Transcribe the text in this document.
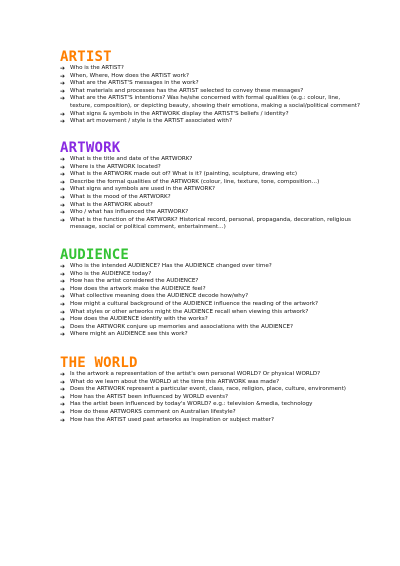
ARTIST
➔ Who is the ARTIST?
➔ When, Where, How does the ARTIST work?
➔ What are the ARTIST'S messages in the work?
➔ What materials and processes has the ARTIST selected to convey these messages?
➔ What are the ARTIST'S intentions? Was he/she concerned with formal qualities (e.g.: colour, line, texture, composition), or depicting beauty, showing their emotions, making a social/political comment?
➔ What signs & symbols in the ARTWORK display the ARTIST'S beliefs / identity?
➔ What art movement / style is the ARTIST associated with?
ARTWORK
➔ What is the title and date of the ARTWORK?
➔ Where is the ARTWORK located?
➔ What is the ARTWORK made out of? What is it? (painting, sculpture, drawing etc)
➔ Describe the formal qualities of the ARTWORK (colour, line, texture, tone, composition…)
➔ What signs and symbols are used in the ARTWORK?
➔ What is the mood of the ARTWORK?
➔ What is the ARTWORK about?
➔ Who / what has influenced the ARTWORK?
➔ What is the function of the ARTWORK? Historical record, personal, propaganda, decoration, religious message, social or political comment, entertainment…)
AUDIENCE
➔ Who is the intended AUDIENCE? Has the AUDIENCE changed over time?
➔ Who is the AUDIENCE today?
➔ How has the artist considered the AUDIENCE?
➔ How does the artwork make the AUDIENCE feel?
➔ What collective meaning does the AUDIENCE decode how/why?
➔ How might a cultural background of the AUDIENCE influence the reading of the artwork?
➔ What styles or other artworks might the AUDIENCE recall when viewing this artwork?
➔ How does the AUDIENCE identify with the works?
➔ Does the ARTWORK conjure up memories and associations with the AUDIENCE?
➔ Where might an AUDIENCE see this work?
THE WORLD
➔ Is the artwork a representation of the artist's own personal WORLD? Or physical WORLD?
➔ What do we learn about the WORLD at the time this ARTWORK was made?
➔ Does the ARTWORK represent a particular event, class, race, religion, place, culture, environment)
➔ How has the ARTIST been influenced by WORLD events?
➔ Has the artist been influenced by today's WORLD? e.g.: television &media, technology
➔ How do these ARTWORKS comment on Australian lifestyle?
➔ How has the ARTIST used past artworks as inspiration or subject matter?
